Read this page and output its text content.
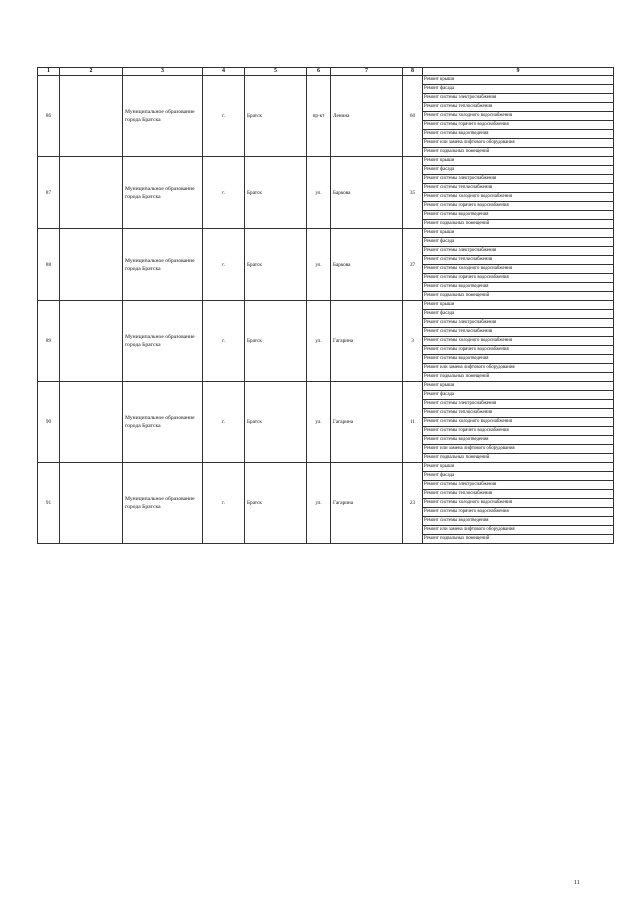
1	2	3	4	5	6	7	8	9
86		Муниципальное образование города Братска	г.	Братск	пр-кт	Ленина	60	Ремонт крыши
								Ремонт фасада
								Ремонт системы электроснабжения
								Ремонт системы теплоснабжения
								Ремонт системы холодного водоснабжения
								Ремонт системы горячего водоснабжения
								Ремонт системы водоотведения
								Ремонт или замена лифтового оборудования
								Ремонт подвальных помещений
87		Муниципальное образование города Братска	г.	Братск	ул.	Баркова	35	Ремонт крыши
								Ремонт фасада
								Ремонт системы электроснабжения
								Ремонт системы теплоснабжения
								Ремонт системы холодного водоснабжения
								Ремонт системы горячего водоснабжения
								Ремонт системы водоотведения
								Ремонт подвальных помещений
88		Муниципальное образование города Братска	г.	Братск	ул.	Баркова	37	Ремонт крыши
								Ремонт фасада
								Ремонт системы электроснабжения
								Ремонт системы теплоснабжения
								Ремонт системы холодного водоснабжения
								Ремонт системы горячего водоснабжения
								Ремонт системы водоотведения
								Ремонт подвальных помещений
89		Муниципальное образование города Братска	г.	Братск	ул.	Гагарина	3	Ремонт крыши
								Ремонт фасада
								Ремонт системы электроснабжения
								Ремонт системы теплоснабжения
								Ремонт системы холодного водоснабжения
								Ремонт системы горячего водоснабжения
								Ремонт системы водоотведения
								Ремонт или замена лифтового оборудования
								Ремонт подвальных помещений
90		Муниципальное образование города Братска	г.	Братск	ул.	Гагарина	11	Ремонт крыши
								Ремонт фасада
								Ремонт системы электроснабжения
								Ремонт системы теплоснабжения
								Ремонт системы холодного водоснабжения
								Ремонт системы горячего водоснабжения
								Ремонт системы водоотведения
								Ремонт или замена лифтового оборудования
								Ремонт подвальных помещений
91		Муниципальное образование города Братска	г.	Братск	ул.	Гагарина	23	Ремонт крыши
								Ремонт фасада
								Ремонт системы электроснабжения
								Ремонт системы теплоснабжения
								Ремонт системы холодного водоснабжения
								Ремонт системы горячего водоснабжения
								Ремонт системы водоотведения
								Ремонт или замена лифтового оборудования
								Ремонт подвальных помещений
11
